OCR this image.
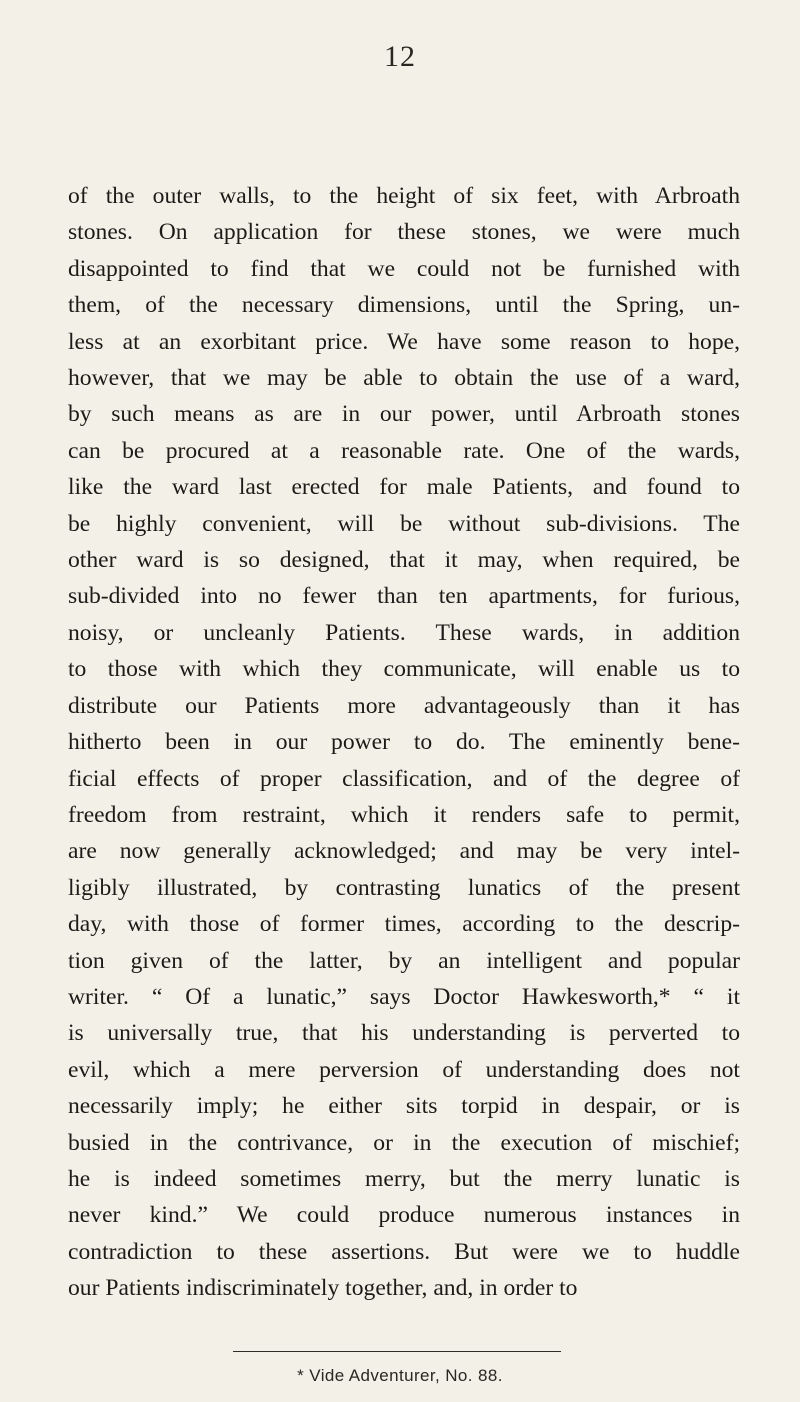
12
of the outer walls, to the height of six feet, with Arbroath
stones. On application for these stones, we were much
disappointed to find that we could not be furnished with
them, of the necessary dimensions, until the Spring, un-
less at an exorbitant price. We have some reason to hope,
however, that we may be able to obtain the use of a ward,
by such means as are in our power, until Arbroath stones
can be procured at a reasonable rate. One of the wards,
like the ward last erected for male Patients, and found to
be highly convenient, will be without sub-divisions. The
other ward is so designed, that it may, when required, be
sub-divided into no fewer than ten apartments, for furious,
noisy, or uncleanly Patients. These wards, in addition
to those with which they communicate, will enable us to
distribute our Patients more advantageously than it has
hitherto been in our power to do. The eminently bene-
ficial effects of proper classification, and of the degree of
freedom from restraint, which it renders safe to permit,
are now generally acknowledged; and may be very intel-
ligibly illustrated, by contrasting lunatics of the present
day, with those of former times, according to the descrip-
tion given of the latter, by an intelligent and popular
writer. “ Of a lunatic,” says Doctor Hawkesworth,* “ it
is universally true, that his understanding is perverted to
evil, which a mere perversion of understanding does not
necessarily imply; he either sits torpid in despair, or is
busied in the contrivance, or in the execution of mischief;
he is indeed sometimes merry, but the merry lunatic is
never kind.” We could produce numerous instances in
contradiction to these assertions. But were we to huddle
our Patients indiscriminately together, and, in order to
* Vide Adventurer, No. 88.
